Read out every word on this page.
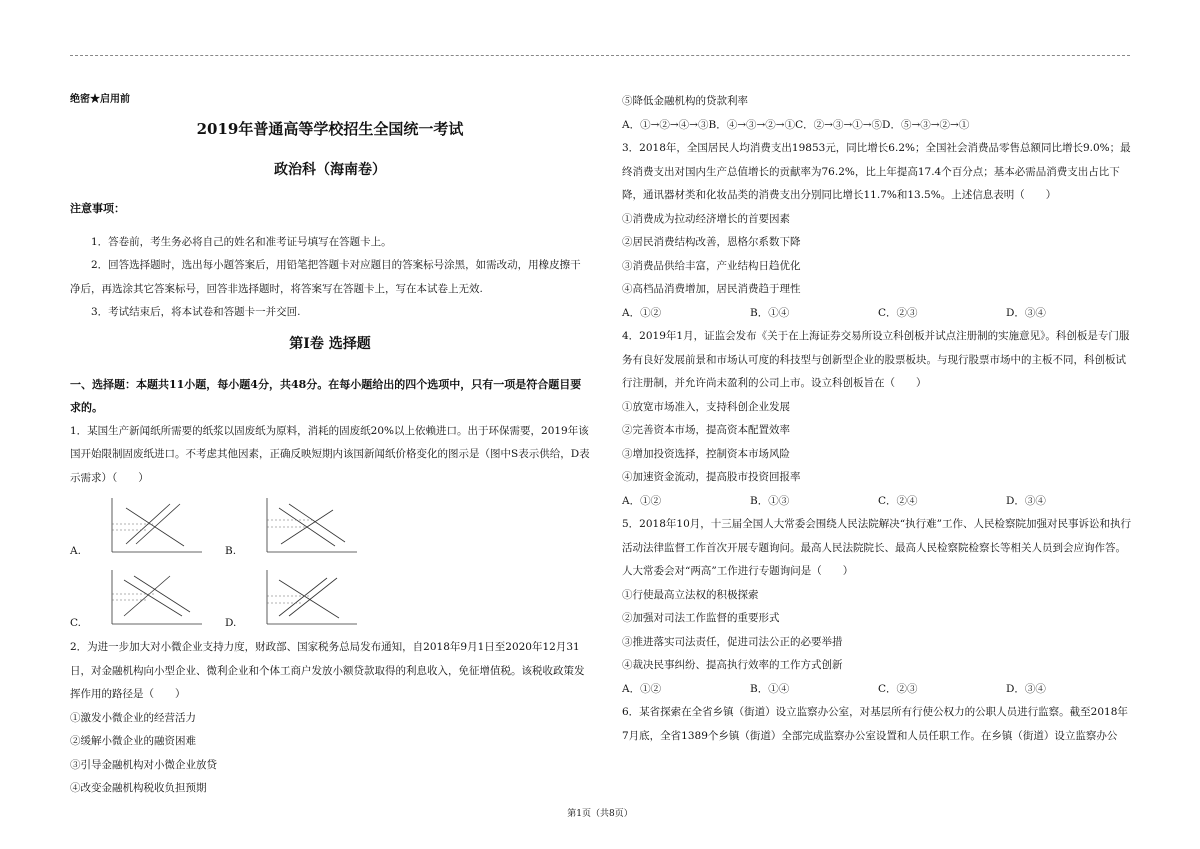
绝密★启用前

2019年普通高等学校招生全国统一考试

政治科（海南卷）

注意事项：

1．答卷前，考生务必将自己的姓名和准考证号填写在答题卡上。

2．回答选择题时，选出每小题答案后，用铅笔把答题卡对应题目的答案标号涂黑，如需改动，用橡皮擦干净后，再选涂其它答案标号，回答非选择题时，将答案写在答题卡上，写在本试卷上无效.

3．考试结束后，将本试卷和答题卡一并交回.

第Ⅰ卷 选择题

一、选择题：本题共11小题，每小题4分，共48分。在每小题给出的四个选项中，只有一项是符合题目要求的。

1．某国生产新闻纸所需要的纸浆以固废纸为原料，消耗的固废纸20%以上依赖进口。出于环保需要，2019年该国开始限制固废纸进口。不考虑其他因素，正确反映短期内该国新闻纸价格变化的图示是（图中S表示供给，D表示需求）（　　）

A.	B.
C.	D.

2．为进一步加大对小微企业支持力度，财政部、国家税务总局发布通知，自2018年9月1日至2020年12月31日，对金融机构向小型企业、微利企业和个体工商户发放小额贷款取得的利息收入，免征增值税。该税收政策发挥作用的路径是（　　）

①激发小微企业的经营活力

②缓解小微企业的融资困难

③引导金融机构对小微企业放贷

④改变金融机构税收负担预期

⑤降低金融机构的贷款利率

A．①→②→④→③ B．④→③→②→① C．②→③→①→⑤ D．⑤→③→②→①

3．2018年，全国居民人均消费支出19853元，同比增长6.2%；全国社会消费品零售总额同比增长9.0%；最终消费支出对国内生产总值增长的贡献率为76.2%，比上年提高17.4个百分点；基本必需品消费支出占比下降，通讯器材类和化妆品类的消费支出分别同比增长11.7%和13.5%。上述信息表明（　　）

①消费成为拉动经济增长的首要因素

②居民消费结构改善，恩格尔系数下降

③消费品供给丰富，产业结构日趋优化

④高档品消费增加，居民消费趋于理性

A．①②	B．①④	C．②③	D．③④

4．2019年1月，证监会发布《关于在上海证券交易所设立科创板并试点注册制的实施意见》。科创板是专门服务有良好发展前景和市场认可度的科技型与创新型企业的股票板块。与现行股票市场中的主板不同，科创板试行注册制，并允许尚未盈利的公司上市。设立科创板旨在（　　）

①放宽市场准入，支持科创企业发展

②完善资本市场，提高资本配置效率

③增加投资选择，控制资本市场风险

④加速资金流动，提高股市投资回报率

A．①②	B．①③	C．②④	D．③④

5．2018年10月，十三届全国人大常委会围绕人民法院解决“执行难”工作、人民检察院加强对民事诉讼和执行活动法律监督工作首次开展专题询问。最高人民法院院长、最高人民检察院检察长等相关人员到会应询作答。人大常委会对“两高”工作进行专题询问是（　　）

①行使最高立法权的积极探索

②加强对司法工作监督的重要形式

③推进落实司法责任，促进司法公正的必要举措

④裁决民事纠纷、提高执行效率的工作方式创新

A．①②	B．①④	C．②③	D．③④

6．某省探索在全省乡镇（街道）设立监察办公室，对基层所有行使公权力的公职人员进行监察。截至2018年7月底，全省1389个乡镇（街道）全部完成监察办公室设置和人员任职工作。在乡镇（街道）设立监察办公

第1页（共8页）
